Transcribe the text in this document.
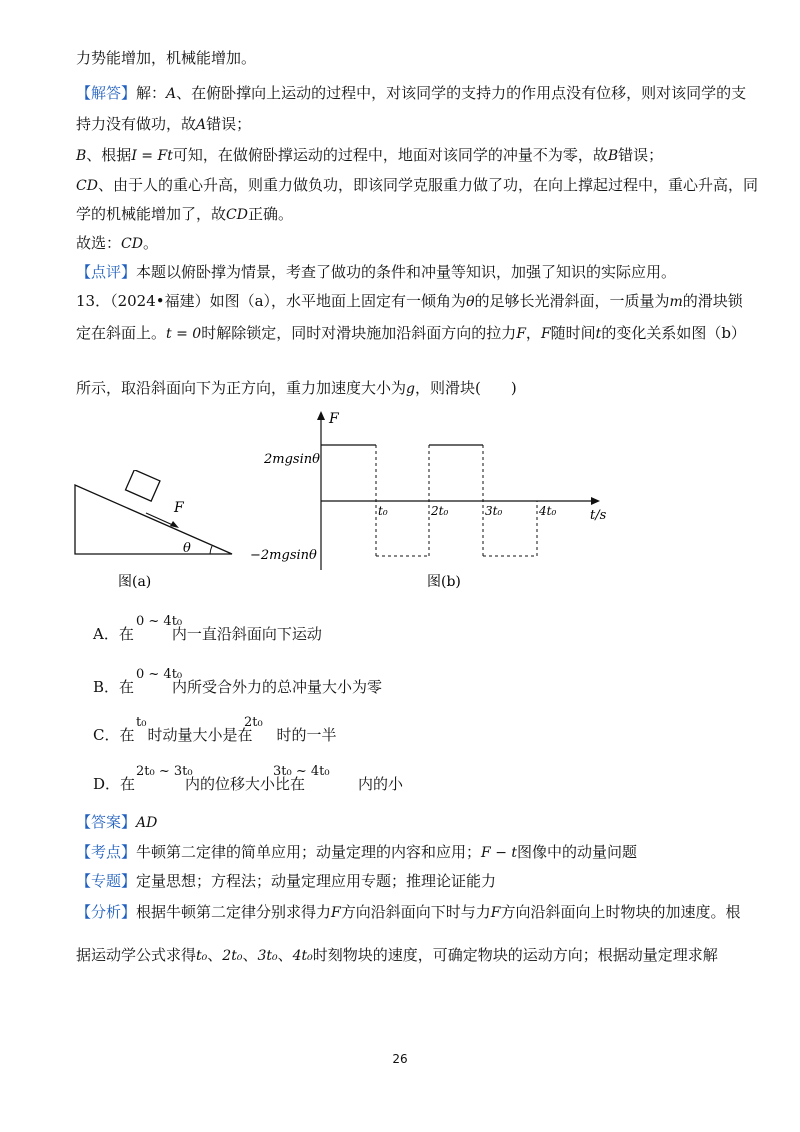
力势能增加，机械能增加。
【解答】解：A、在俯卧撑向上运动的过程中，对该同学的支持力的作用点没有位移，则对该同学的支
持力没有做功，故A错误；
B、根据I = Ft可知，在做俯卧撑运动的过程中，地面对该同学的冲量不为零，故B错误；
CD、由于人的重心升高，则重力做负功，即该同学克服重力做了功，在向上撑起过程中，重心升高，同
学的机械能增加了，故CD正确。
故选：CD。
【点评】本题以俯卧撑为情景，考查了做功的条件和冲量等知识，加强了知识的实际应用。
13．（2024•福建）如图（a），水平地面上固定有一倾角为θ的足够长光滑斜面，一质量为m的滑块锁
定在斜面上。t = 0时解除锁定，同时对滑块施加沿斜面方向的拉力F，F随时间t的变化关系如图（b）
所示，取沿斜面向下为正方向，重力加速度大小为g，则滑块(　　)
F
θ
图(a)
F
t/s
2mgsinθ
−2mgsinθ
t₀	2t₀	3t₀	4t₀
图(b)
0 ~ 4t₀
A．在	内一直沿斜面向下运动
0 ~ 4t₀
B．在	内所受合外力的总冲量大小为零
t₀	2t₀
C．在 时动量大小是在 时的一半
2t₀ ~ 3t₀	3t₀ ~ 4t₀
D．在	内的位移大小比在	内的小
【答案】AD
【考点】牛顿第二定律的简单应用；动量定理的内容和应用；F − t图像中的动量问题
【专题】定量思想；方程法；动量定理应用专题；推理论证能力
【分析】根据牛顿第二定律分别求得力F方向沿斜面向下时与力F方向沿斜面向上时物块的加速度。根
据运动学公式求得t₀、2t₀、3t₀、4t₀时刻物块的速度，可确定物块的运动方向；根据动量定理求解
26
